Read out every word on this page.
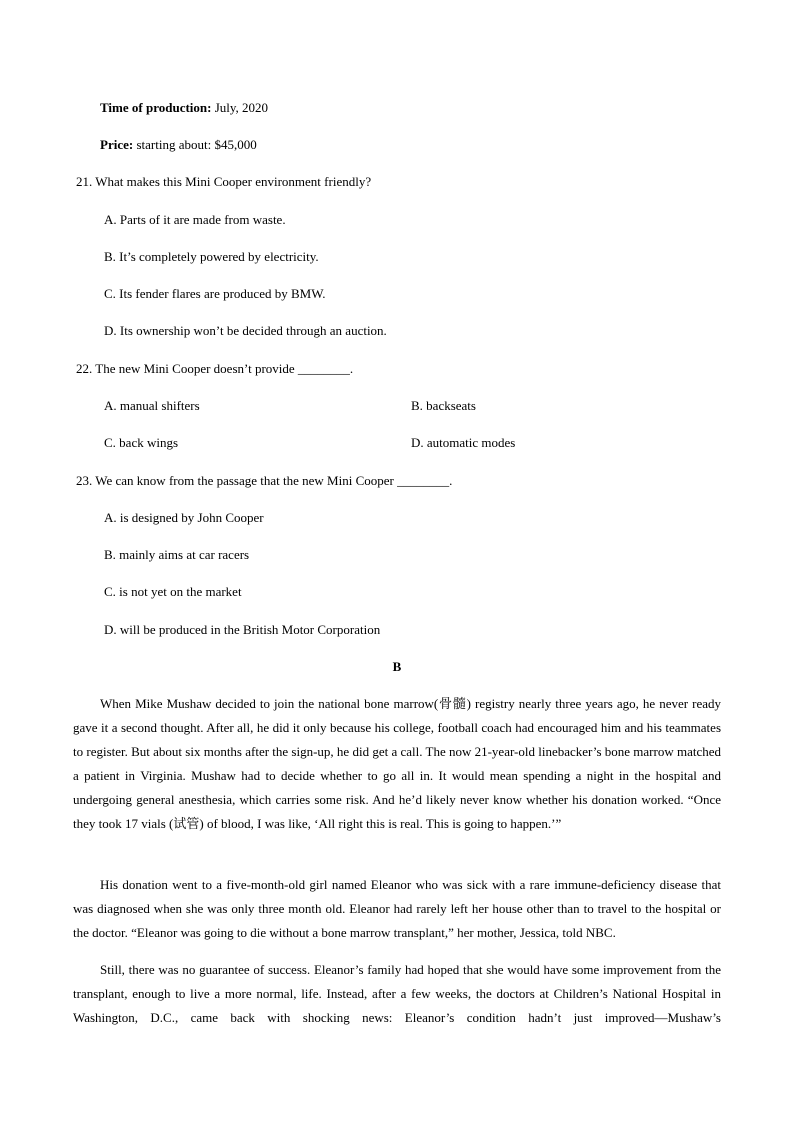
Time of production: July, 2020
Price: starting about: $45,000
21. What makes this Mini Cooper environment friendly?
A. Parts of it are made from waste.
B. It’s completely powered by electricity.
C. Its fender flares are produced by BMW.
D. Its ownership won’t be decided through an auction.
22. The new Mini Cooper doesn’t provide ________.
A. manual shifters	B. backseats
C. back wings	D. automatic modes
23. We can know from the passage that the new Mini Cooper ________.
A. is designed by John Cooper
B. mainly aims at car racers
C. is not yet on the market
D. will be produced in the British Motor Corporation
B

When Mike Mushaw decided to join the national bone marrow(骨髓) registry nearly three years ago, he never ready gave it a second thought. After all, he did it only because his college, football coach had encouraged him and his teammates to register. But about six months after the sign-up, he did get a call. The now 21-year-old linebacker’s bone marrow matched a patient in Virginia. Mushaw had to decide whether to go all in. It would mean spending a night in the hospital and undergoing general anesthesia, which carries some risk. And he’d likely never know whether his donation worked. “Once they took 17 vials (试管) of blood, I was like, ‘All right this is real. This is going to happen.’”

His donation went to a five-month-old girl named Eleanor who was sick with a rare immune-deficiency disease that was diagnosed when she was only three month old. Eleanor had rarely left her house other than to travel to the hospital or the doctor. “Eleanor was going to die without a bone marrow transplant,” her mother, Jessica, told NBC.

Still, there was no guarantee of success. Eleanor’s family had hoped that she would have some improvement from the transplant, enough to live a more normal, life. Instead, after a few weeks, the doctors at Children’s National Hospital in Washington, D.C., came back with shocking news: Eleanor’s condition hadn’t just improved—Mushaw’s
